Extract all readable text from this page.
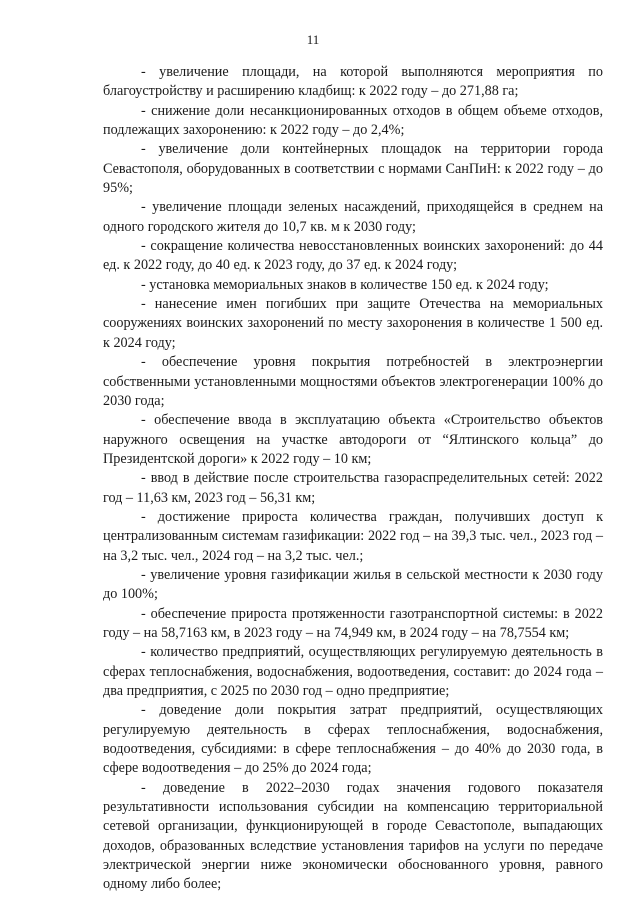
11

- увеличение площади, на которой выполняются мероприятия по благоустройству и расширению кладбищ: к 2022 году – до 271,88 га;

- снижение доли несанкционированных отходов в общем объеме отходов, подлежащих захоронению: к 2022 году – до 2,4%;

- увеличение доли контейнерных площадок на территории города Севастополя, оборудованных в соответствии с нормами СанПиН: к 2022 году – до 95%;

- увеличение площади зеленых насаждений, приходящейся в среднем на одного городского жителя до 10,7 кв. м к 2030 году;

- сокращение количества невосстановленных воинских захоронений: до 44 ед. к 2022 году, до 40 ед. к 2023 году, до 37 ед. к 2024 году;

- установка мемориальных знаков в количестве 150 ед. к 2024 году;

- нанесение имен погибших при защите Отечества на мемориальных сооружениях воинских захоронений по месту захоронения в количестве 1 500 ед. к 2024 году;

- обеспечение уровня покрытия потребностей в электроэнергии собственными установленными мощностями объектов электрогенерации 100% до 2030 года;

- обеспечение ввода в эксплуатацию объекта «Строительство объектов наружного освещения на участке автодороги от “Ялтинского кольца” до Президентской дороги» к 2022 году – 10 км;

- ввод в действие после строительства газораспределительных сетей: 2022 год – 11,63 км, 2023 год – 56,31 км;

- достижение прироста количества граждан, получивших доступ к централизованным системам газификации: 2022 год – на 39,3 тыс. чел., 2023 год – на 3,2 тыс. чел., 2024 год – на 3,2 тыс. чел.;

- увеличение уровня газификации жилья в сельской местности к 2030 году до 100%;

- обеспечение прироста протяженности газотранспортной системы: в 2022 году – на 58,7163 км, в 2023 году – на 74,949 км, в 2024 году – на 78,7554 км;

- количество предприятий, осуществляющих регулируемую деятельность в сферах теплоснабжения, водоснабжения, водоотведения, составит: до 2024 года – два предприятия, с 2025 по 2030 год – одно предприятие;

- доведение доли покрытия затрат предприятий, осуществляющих регулируемую деятельность в сферах теплоснабжения, водоснабжения, водоотведения, субсидиями: в сфере теплоснабжения – до 40% до 2030 года, в сфере водоотведения – до 25% до 2024 года;

- доведение в 2022–2030 годах значения годового показателя результативности использования субсидии на компенсацию территориальной сетевой организации, функционирующей в городе Севастополе, выпадающих доходов, образованных вследствие установления тарифов на услуги по передаче электрической энергии ниже экономически обоснованного уровня, равного одному либо более;
